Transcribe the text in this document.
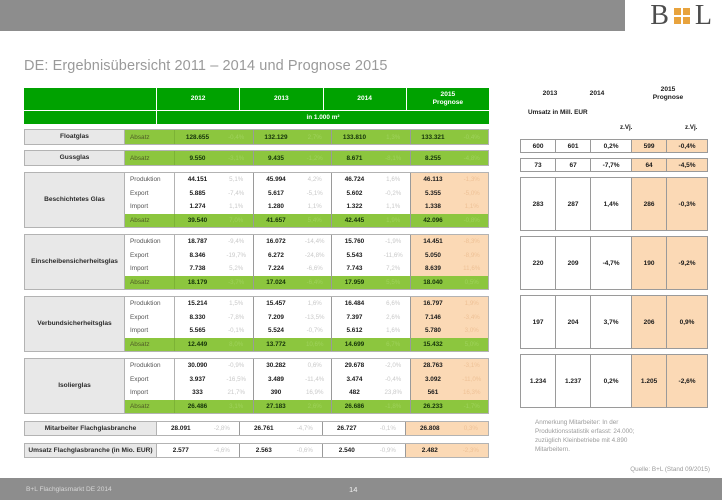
B L
DE: Ergebnisübersicht 2011 – 2014 und Prognose 2015
2012	2013	2014
2015
Prognose
in 1.000 m²
Floatglas	Absatz	128.655	-0,4%	132.129	2,7%	133.810	1,3%	133.321	-0,4%
Gussglas	Absatz	9.550	-3,1%	9.435	-1,2%	8.671	-8,1%	8.255	-4,8%
Beschichtetes Glas
Produktion	44.151	5,1%	45.994	4,2%	46.724	1,6%	46.113	-1,3%
Export	5.885	-7,4%	5.617	-5,1%	5.602	-0,2%	5.355	-5,0%
Import	1.274	1,1%	1.280	1,1%	1.322	1,1%	1.338	1,1%
Absatz	39.540	7,0%	41.657	5,4%	42.445	1,9%	42.096	-0,8%
Einscheibensicherheitsglas
Produktion	18.787	-9,4%	16.072	-14,4%	15.760	-1,9%	14.451	-8,3%
Export	8.346	-19,7%	6.272	-24,8%	5.543	-11,6%	5.050	-8,9%
Import	7.738	5,2%	7.224	-6,6%	7.743	7,2%	8.639	11,6%
Absatz	18.179	-3,7%	17.024	-6,4%	17.959	5,5%	18.040	0,5%
Verbundsicherheitsglas
Produktion	15.214	1,5%	15.457	1,6%	16.484	6,6%	16.797	1,9%
Export	8.330	-7,8%	7.209	-13,5%	7.397	2,6%	7.146	-3,4%
Import	5.565	-0,1%	5.524	-0,7%	5.612	1,6%	5.780	3,0%
Absatz	12.449	8,0%	13.772	10,6%	14.699	6,7%	15.432	5,0%
Isolierglas
Produktion	30.090	-0,9%	30.282	0,6%	29.678	-2,0%	28.763	-3,1%
Export	3.937	-16,5%	3.489	-11,4%	3.474	-0,4%	3.092	-11,0%
Import	333	21,7%	390	16,9%	482	23,8%	561	16,3%
Absatz	26.486	3,1%	27.183	2,6%	26.686	-1,8%	26.233	-1,7%
Mitarbeiter Flachglasbranche	28.091	-2,8%	26.761	-4,7%	26.727	-0,1%	26.808	0,3%
Umsatz Flachglasbranche (in Mio. EUR)	2.577	-4,6%	2.563	-0,6%	2.540	-0,9%	2.482	-2,3%
2013	2014
2015
Prognose
Umsatz in Mill. EUR
z.Vj.	z.Vj.
600	601	0,2%	599	-0,4%
73	67	-7,7%	64	-4,5%
283	287	1,4%	286	-0,3%
220	209	-4,7%	190	-9,2%
197	204	3,7%	206	0,9%
1.234	1.237	0,2%	1.205	-2,6%
Anmerkung Mitarbeiter: In der Produktionsstatistik erfasst: 24.000; zuzüglich Kleinbetriebe mit 4.890 Mitarbeitern.
Quelle: B+L (Stand 09/2015)
B+L Flachglasmarkt DE 2014	14
